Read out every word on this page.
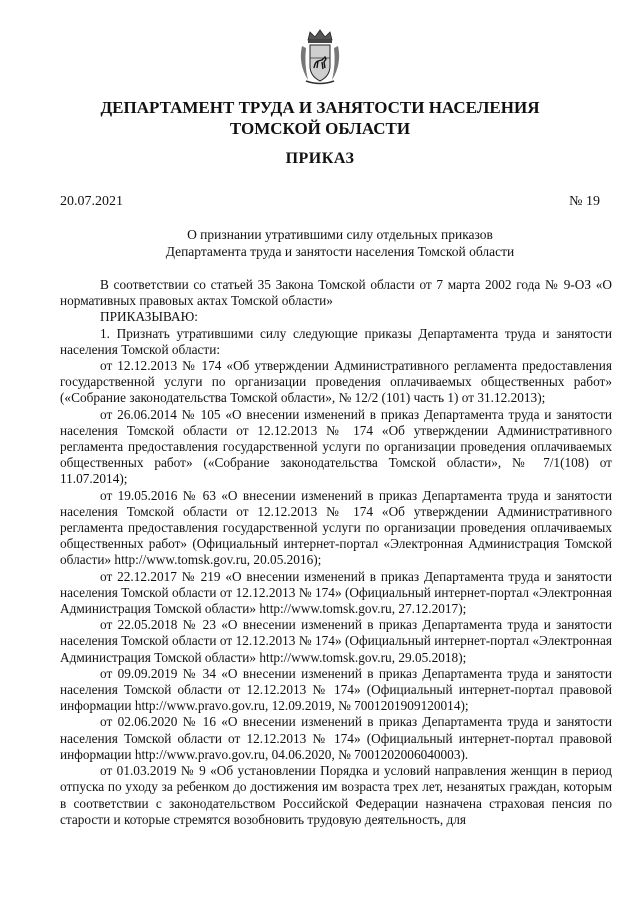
ДЕПАРТАМЕНТ ТРУДА И ЗАНЯТОСТИ НАСЕЛЕНИЯ
ТОМСКОЙ ОБЛАСТИ
ПРИКАЗ
20.07.2021	№ 19
О признании утратившими силу отдельных приказов
Департамента труда и занятости населения Томской области

В соответствии со статьей 35 Закона Томской области от 7 марта 2002 года № 9-ОЗ «О нормативных правовых актах Томской области»

ПРИКАЗЫВАЮ:

1. Признать утратившими силу следующие приказы Департамента труда и занятости населения Томской области:

от 12.12.2013 № 174 «Об утверждении Административного регламента предоставления государственной услуги по организации проведения оплачиваемых общественных работ» («Собрание законодательства Томской области», № 12/2 (101) часть 1) от 31.12.2013);

от 26.06.2014 № 105 «О внесении изменений в приказ Департамента труда и занятости населения Томской области от 12.12.2013 № 174 «Об утверждении Административного регламента предоставления государственной услуги по организации проведения оплачиваемых общественных работ» («Собрание законодательства Томской области», № 7/1(108) от 11.07.2014);

от 19.05.2016 № 63 «О внесении изменений в приказ Департамента труда и занятости населения Томской области от 12.12.2013 № 174 «Об утверждении Административного регламента предоставления государственной услуги по организации проведения оплачиваемых общественных работ» (Официальный интернет-портал «Электронная Администрация Томской области» http://www.tomsk.gov.ru, 20.05.2016);

от 22.12.2017 № 219 «О внесении изменений в приказ Департамента труда и занятости населения Томской области от 12.12.2013 № 174» (Официальный интернет-портал «Электронная Администрация Томской области» http://www.tomsk.gov.ru, 27.12.2017);

от 22.05.2018 № 23 «О внесении изменений в приказ Департамента труда и занятости населения Томской области от 12.12.2013 № 174» (Официальный интернет-портал «Электронная Администрация Томской области» http://www.tomsk.gov.ru, 29.05.2018);

от 09.09.2019 № 34 «О внесении изменений в приказ Департамента труда и занятости населения Томской области от 12.12.2013 № 174» (Официальный интернет-портал правовой информации http://www.pravo.gov.ru, 12.09.2019, № 7001201909120014);

от 02.06.2020 № 16 «О внесении изменений в приказ Департамента труда и занятости населения Томской области от 12.12.2013 № 174» (Официальный интернет-портал правовой информации http://www.pravo.gov.ru, 04.06.2020, № 7001202006040003).

от 01.03.2019 № 9 «Об установлении Порядка и условий направления женщин в период отпуска по уходу за ребенком до достижения им возраста трех лет, незанятых граждан, которым в соответствии с законодательством Российской Федерации назначена страховая пенсия по старости и которые стремятся возобновить трудовую деятельность, для
